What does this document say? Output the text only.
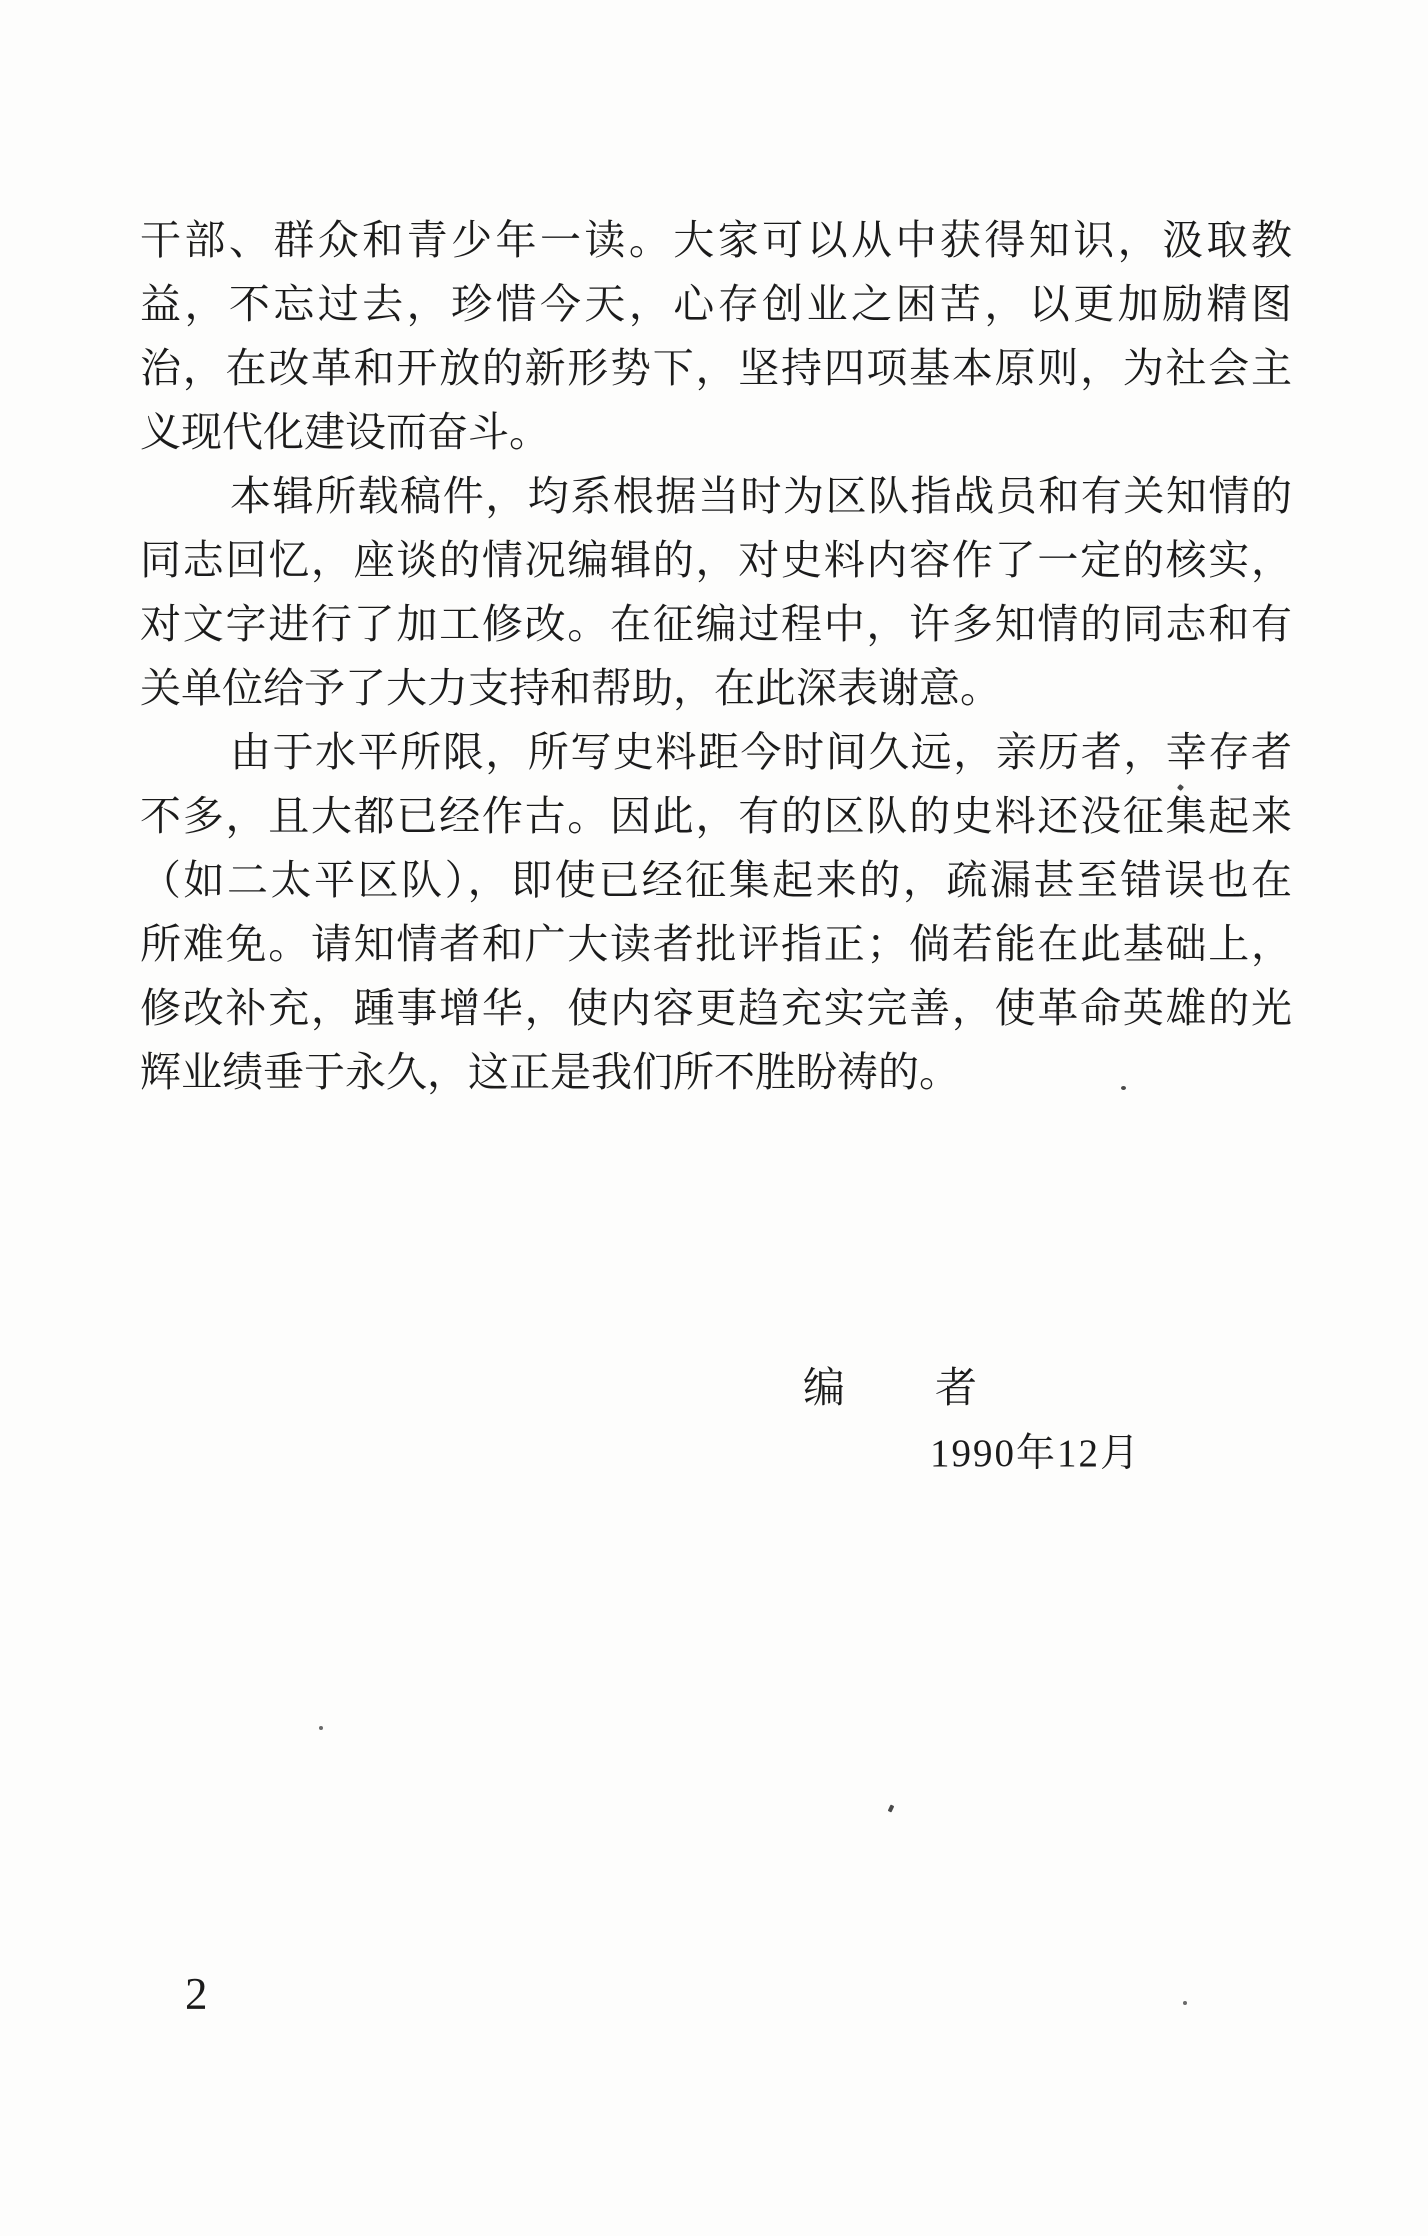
干部、群众和青少年一读。大家可以从中获得知识，汲取教
益，不忘过去，珍惜今天，心存创业之困苦，以更加励精图
治，在改革和开放的新形势下，坚持四项基本原则，为社会主
义现代化建设而奋斗。
本辑所载稿件，均系根据当时为区队指战员和有关知情的
同志回忆，座谈的情况编辑的，对史料内容作了一定的核实，
对文字进行了加工修改。在征编过程中，许多知情的同志和有
关单位给予了大力支持和帮助，在此深表谢意。
由于水平所限，所写史料距今时间久远，亲历者，幸存者
不多，且大都已经作古。因此，有的区队的史料还没征集起来
（如二太平区队），即使已经征集起来的，疏漏甚至错误也在
所难免。请知情者和广大读者批评指正；倘若能在此基础上，
修改补充，踵事增华，使内容更趋充实完善，使革命英雄的光
辉业绩垂于永久，这正是我们所不胜盼祷的。
编 者
1990年12月
2
